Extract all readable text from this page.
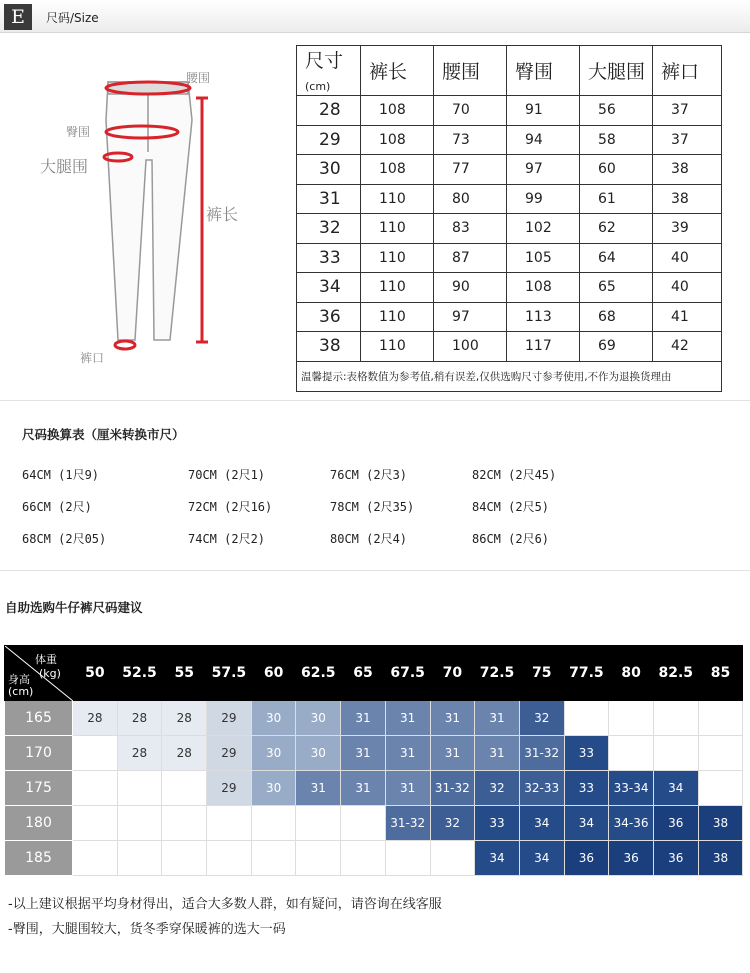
E	尺码/Size
腰围
臀围
大腿围
裤长
裤口
尺寸(cm)	裤长	腰围	臀围	大腿围	裤口
28	108	70	91	56	37
29	108	73	94	58	37
30	108	77	97	60	38
31	110	80	99	61	38
32	110	83	102	62	39
33	110	87	105	64	40
34	110	90	108	65	40
36	110	97	113	68	41
38	110	100	117	69	42
温馨提示:表格数值为参考值,稍有误差,仅供选购尺寸参考使用,不作为退换货理由					
尺码换算表（厘米转换市尺）
64CM (1尺9)	70CM (2尺1)	76CM (2尺3)	82CM (2尺45)
66CM (2尺)	72CM (2尺16)	78CM (2尺35)	84CM (2尺5)
68CM (2尺05)	74CM (2尺2)	80CM (2尺4)	86CM (2尺6)
自助选购牛仔裤尺码建议
体重
(kg)
身高
(cm)	50	52.5	55	57.5	60	62.5	65	67.5	70	72.5	75	77.5	80	82.5	85
165	28	28	28	29	30	30	31	31	31	31	32				
170		28	28	29	30	30	31	31	31	31	31-32	33			
175				29	30	31	31	31	31-32	32	32-33	33	33-34	34	
180								31-32	32	33	34	34	34-36	36	38
185										34	34	36	36	36	38
-以上建议根据平均身材得出，适合大多数人群，如有疑问，请咨询在线客服
-臀围，大腿围较大，货冬季穿保暖裤的选大一码
